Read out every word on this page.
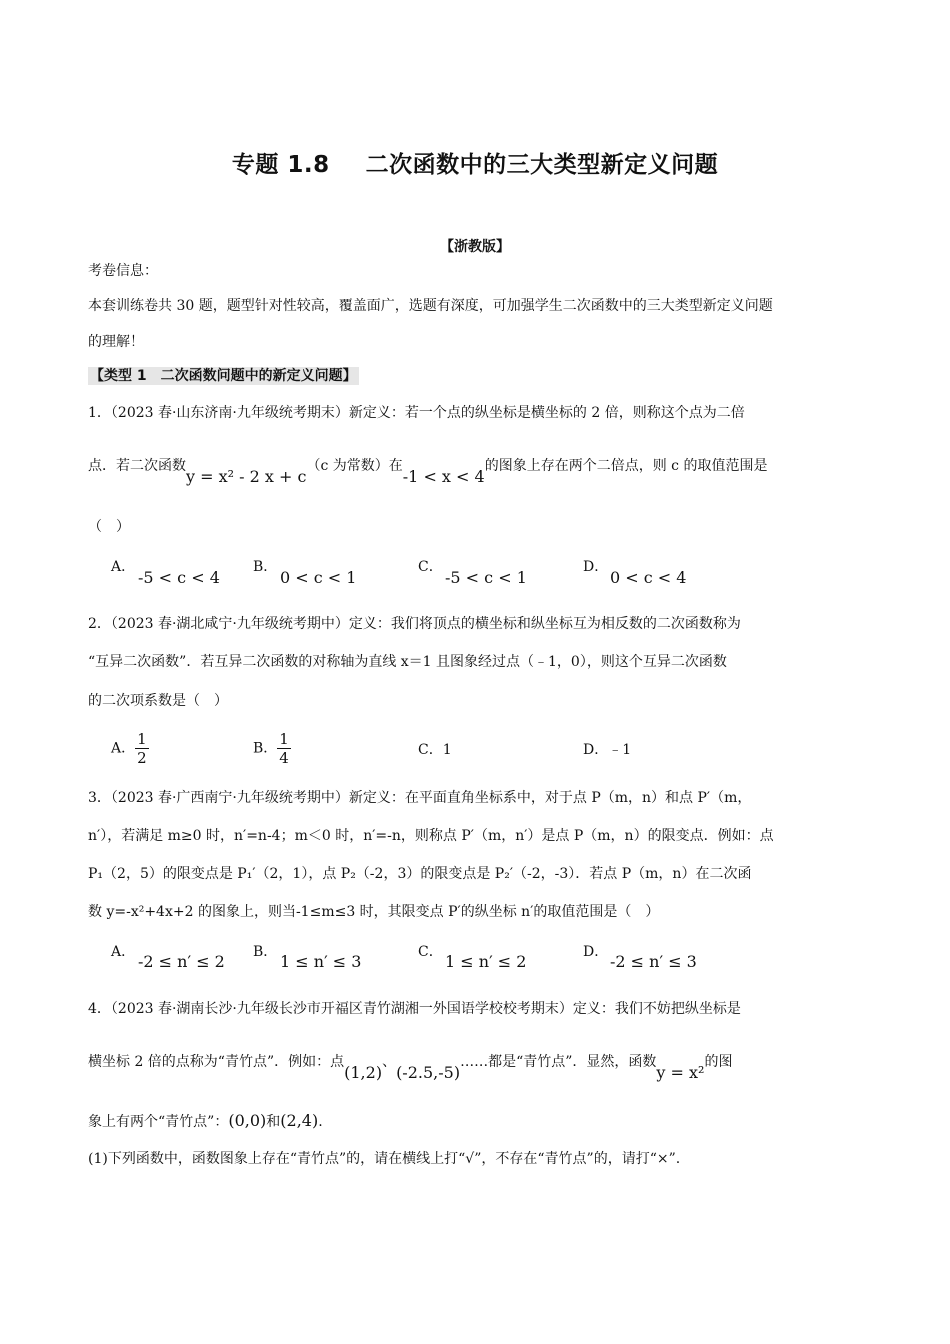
专题 1.8 二次函数中的三大类型新定义问题
【浙教版】
考卷信息：
本套训练卷共 30 题，题型针对性较高，覆盖面广，选题有深度，可加强学生二次函数中的三大类型新定义问题
的理解！
【类型 1　二次函数问题中的新定义问题】
1．（2023 春·山东济南·九年级统考期末）新定义：若一个点的纵坐标是横坐标的 2 倍，则称这个点为二倍
点．若二次函数y = x² - 2 x + c（c 为常数）在-1 < x < 4的图象上存在两个二倍点，则 c 的取值范围是
（　）
A．
-5 < c < 4
B．
0 < c < 1
C．
-5 < c < 1
D．
0 < c < 4
2．（2023 春·湖北咸宁·九年级统考期中）定义：我们将顶点的横坐标和纵坐标互为相反数的二次函数称为
“互异二次函数”．若互异二次函数的对称轴为直线 x＝1 且图象经过点（﹣1，0），则这个互异二次函数
的二次项系数是（　）
A． $\frac{1}{2}$	B． $\frac{1}{4}$	C．1	D．﹣1
3．（2023 春·广西南宁·九年级统考期中）新定义：在平面直角坐标系中，对于点 P（m，n）和点 P′（m，
n′），若满足 m≥0 时，n′=n-4；m＜0 时，n′=-n，则称点 P′（m，n′）是点 P（m，n）的限变点．例如：点
P₁（2，5）的限变点是 P₁′（2，1），点 P₂（-2，3）的限变点是 P₂′（-2，-3）．若点 P（m，n）在二次函
数 y=-x²+4x+2 的图象上，则当-1≤m≤3 时，其限变点 P′的纵坐标 n′的取值范围是（　）
A． -2 ≤ n′ ≤ 2 B． 1 ≤ n′ ≤ 3	C． 1 ≤ n′ ≤ 2	D． -2 ≤ n′ ≤ 3
4．（2023 春·湖南长沙·九年级长沙市开福区青竹湖湘一外国语学校校考期末）定义：我们不妨把纵坐标是
横坐标 2 倍的点称为“青竹点”．例如：点(1,2)、(-2.5,-5)……都是“青竹点”．显然，函数y = x²的图
象上有两个“青竹点”：(0,0)和(2,4).
(1)下列函数中，函数图象上存在“青竹点”的，请在横线上打“√”，不存在“青竹点”的，请打“×”.
